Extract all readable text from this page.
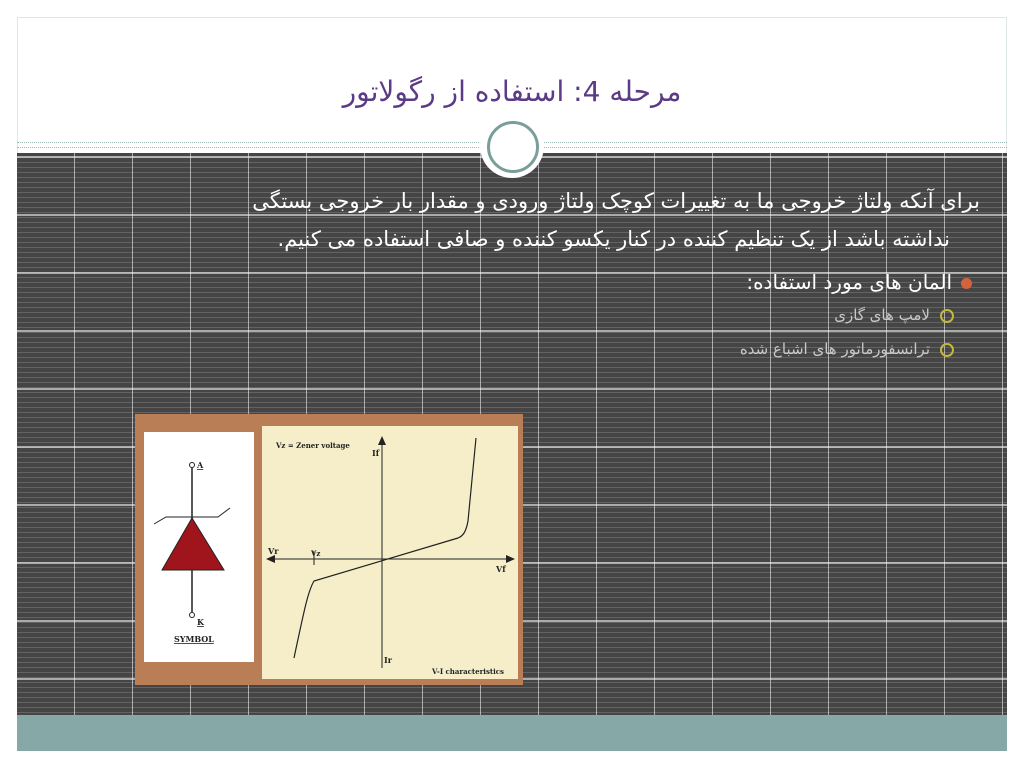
مرحله 4: استفاده از رگولاتور

برای آنکه ولتاژ خروجی ما به تغییرات کوچک ولتاژ ورودی و مقدار بار خروجی بستگی

نداشته باشد از یک تنظیم کننده در کنار یکسو کننده و صافی استفاده می کنیم.

المان های مورد استفاده:
لامپ های گازی
ترانسفورماتور های اشباع شده
A
K
SYMBOL
Vz = Zener voltage
If
Ir
Vf
Vr	Vz
V-I characteristics
